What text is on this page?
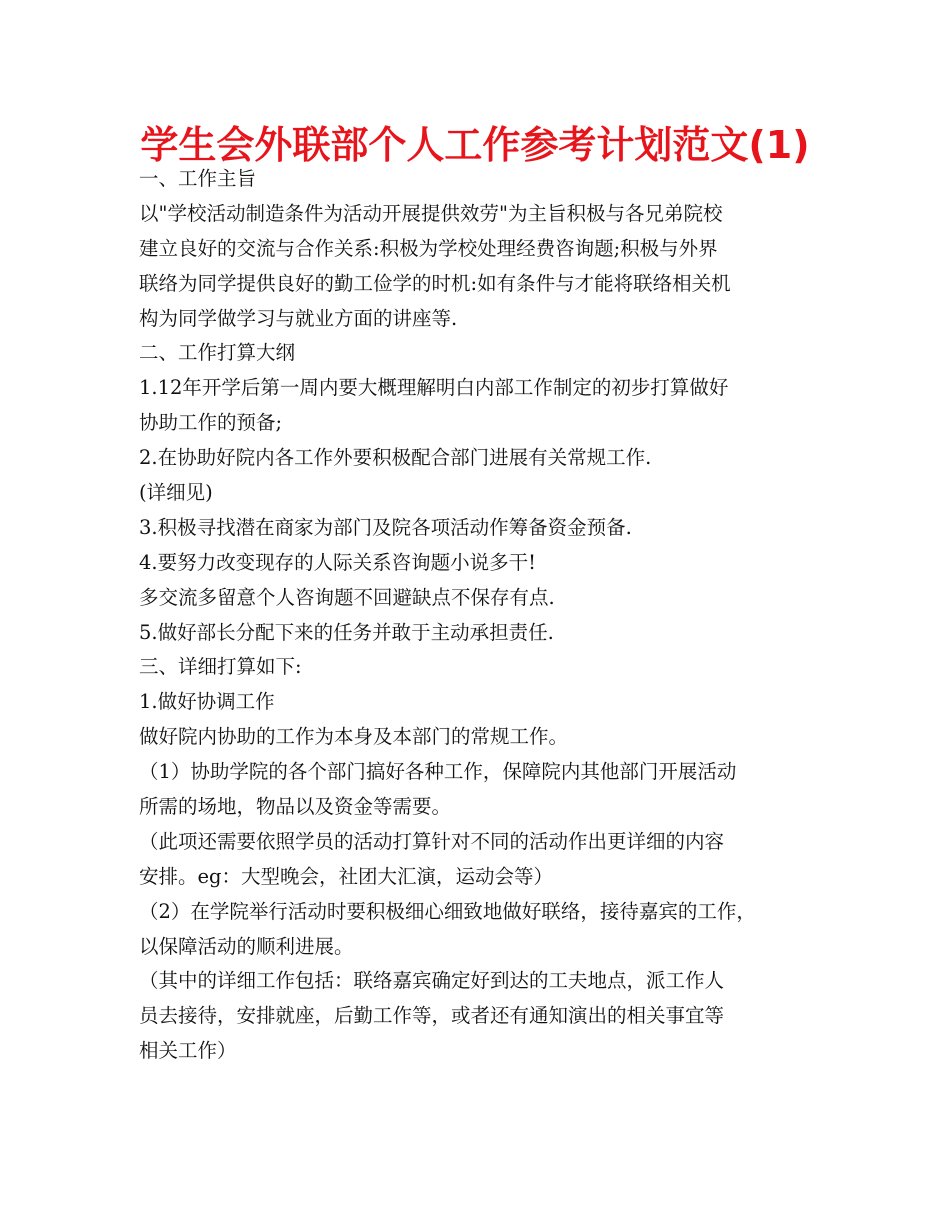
学生会外联部个人工作参考计划范文(1)
一、工作主旨
以"学校活动制造条件为活动开展提供效劳"为主旨积极与各兄弟院校
建立良好的交流与合作关系:积极为学校处理经费咨询题;积极与外界
联络为同学提供良好的勤工俭学的时机:如有条件与才能将联络相关机
构为同学做学习与就业方面的讲座等.
二、工作打算大纲
1.12年开学后第一周内要大概理解明白内部工作制定的初步打算做好
协助工作的预备;
2.在协助好院内各工作外要积极配合部门进展有关常规工作.
(详细见)
3.积极寻找潜在商家为部门及院各项活动作筹备资金预备.
4.要努力改变现存的人际关系咨询题小说多干!
多交流多留意个人咨询题不回避缺点不保存有点.
5.做好部长分配下来的任务并敢于主动承担责任.
三、详细打算如下:
1.做好协调工作
做好院内协助的工作为本身及本部门的常规工作。
（1）协助学院的各个部门搞好各种工作，保障院内其他部门开展活动
所需的场地，物品以及资金等需要。
（此项还需要依照学员的活动打算针对不同的活动作出更详细的内容
安排。eg：大型晚会，社团大汇演，运动会等）
（2）在学院举行活动时要积极细心细致地做好联络，接待嘉宾的工作，
以保障活动的顺利进展。
（其中的详细工作包括：联络嘉宾确定好到达的工夫地点，派工作人
员去接待，安排就座，后勤工作等，或者还有通知演出的相关事宜等
相关工作）
